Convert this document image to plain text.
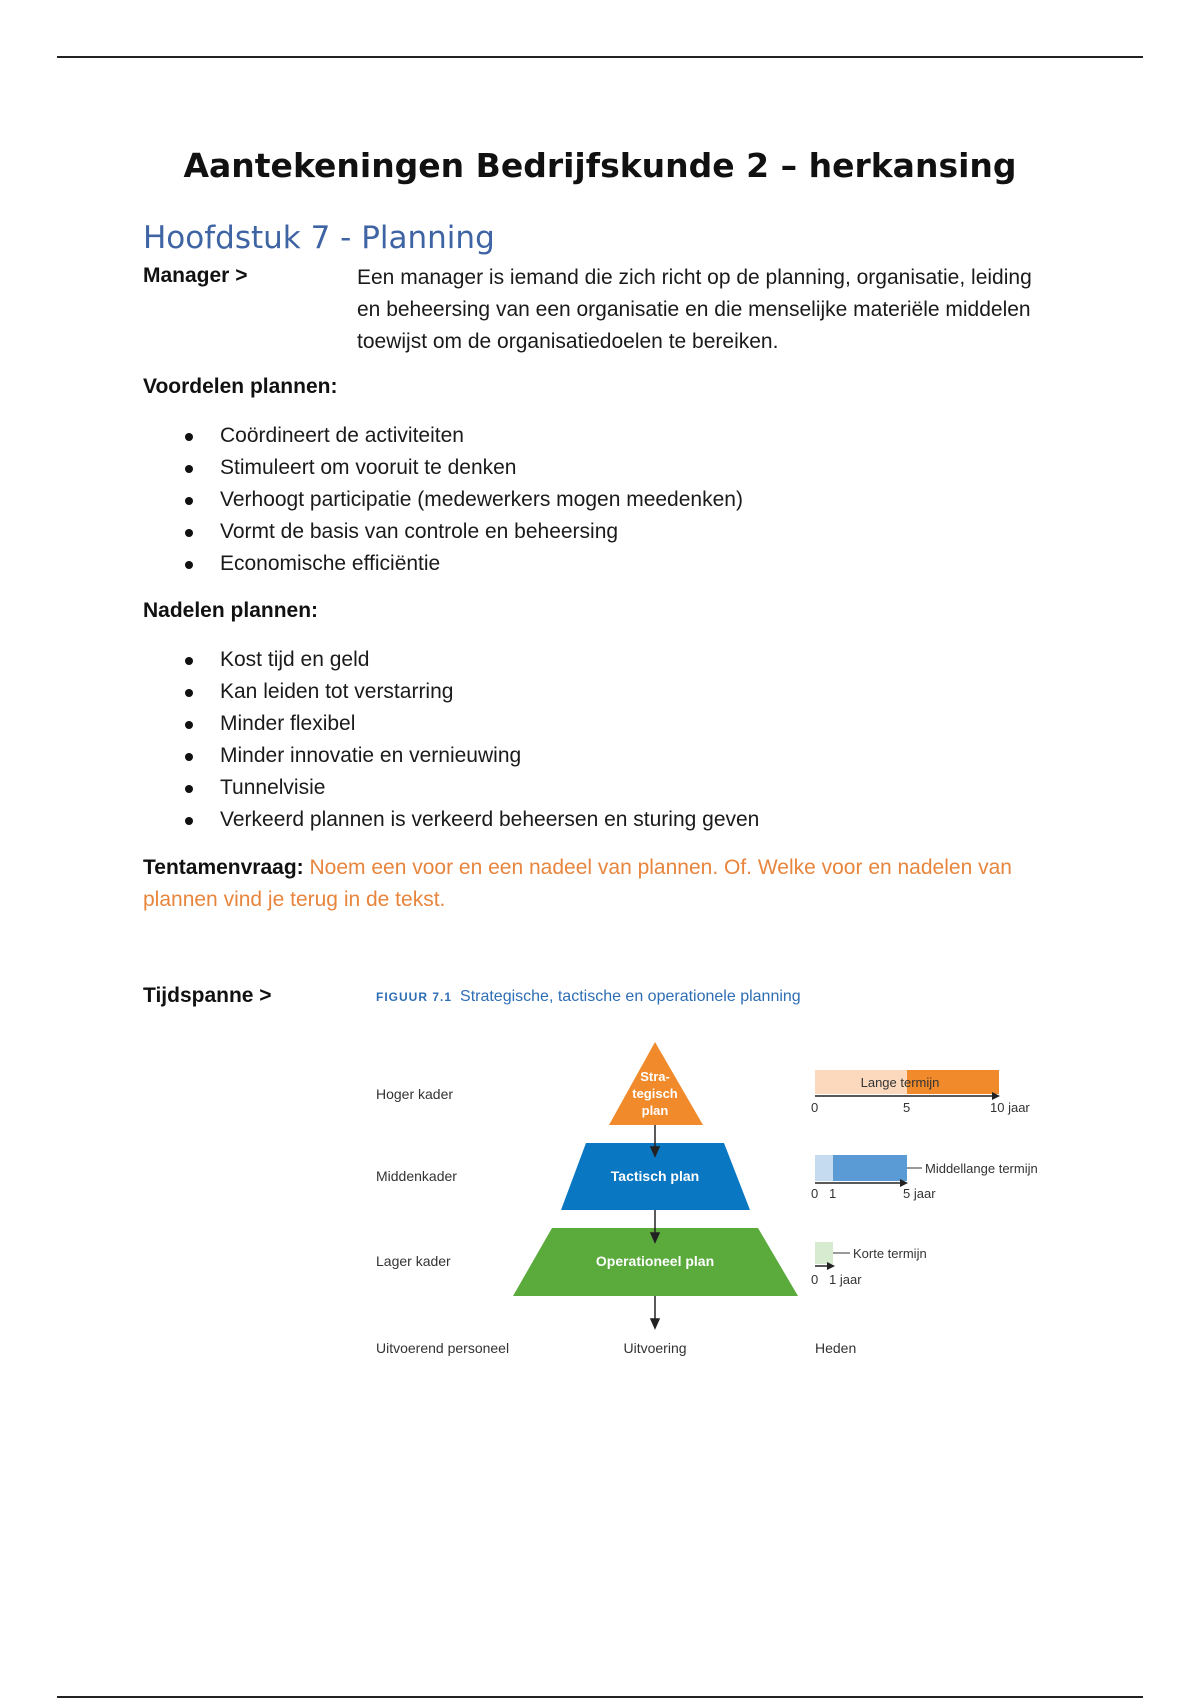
Aantekeningen Bedrijfskunde 2 – herkansing
Hoofdstuk 7 - Planning
Manager >	Een manager is iemand die zich richt op de planning, organisatie, leiding en beheersing van een organisatie en die menselijke materiële middelen toewijst om de organisatiedoelen te bereiken.
Voordelen plannen:
Coördineert de activiteiten
Stimuleert om vooruit te denken
Verhoogt participatie (medewerkers mogen meedenken)
Vormt de basis van controle en beheersing
Economische efficiëntie
Nadelen plannen:
Kost tijd en geld
Kan leiden tot verstarring
Minder flexibel
Minder innovatie en vernieuwing
Tunnelvisie
Verkeerd plannen is verkeerd beheersen en sturing geven
Tentamenvraag: Noem een voor en een nadeel van plannen. Of. Welke voor en nadelen van plannen vind je terug in de tekst.
Tijdspanne >	FIGUUR 7.1 Strategische, tactische en operationele planning
Hoger kader
Middenkader
Lager kader
Uitvoerend personeel
Stra-
tegisch
plan
Tactisch plan
Operationeel plan
Uitvoering
Lange termijn
0	5	10 jaar
Middellange termijn
0 1	5 jaar
Korte termijn
0 1 jaar
Heden
